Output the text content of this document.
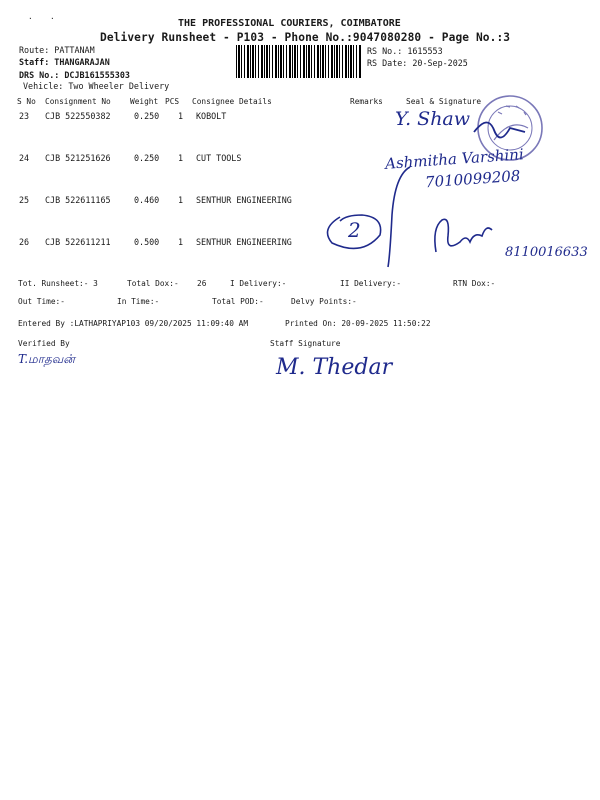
· ·	THE PROFESSIONAL COURIERS, COIMBATORE
Delivery Runsheet - P103 - Phone No.:9047080280 - Page No.:3
Route: PATTANAM
Staff: THANGARAJAN
DRS No.: DCJB161555303
Vehicle: Two Wheeler Delivery
RS No.: 1615553
RS Date: 20-Sep-2025
S No Consignment No Weight PCS Consignee Details	Remarks	Seal & Signature
23 CJB 522550382	0.250 1 KOBOLT
24 CJB 521251626	0.250 1 CUT TOOLS
25 CJB 522611165	0.460 1 SENTHUR ENGINEERING
26 CJB 522611211	0.500 1 SENTHUR ENGINEERING
Tot. Runsheet:- 3	Total Dox:- 26	I Delivery:-	II Delivery:-	RTN Dox:-
Out Time:-	In Time:-	Total POD:-	Delvy Points:-
Entered By :LATHAPRIYAP103 09/20/2025 11:09:40 AM	Printed On: 20-09-2025 11:50:22
Verified By	Staff Signature
Y. Shaw
Ashmitha Varshini
7010099208
2
8110016633
T.மாதவன்	M. Thedar
